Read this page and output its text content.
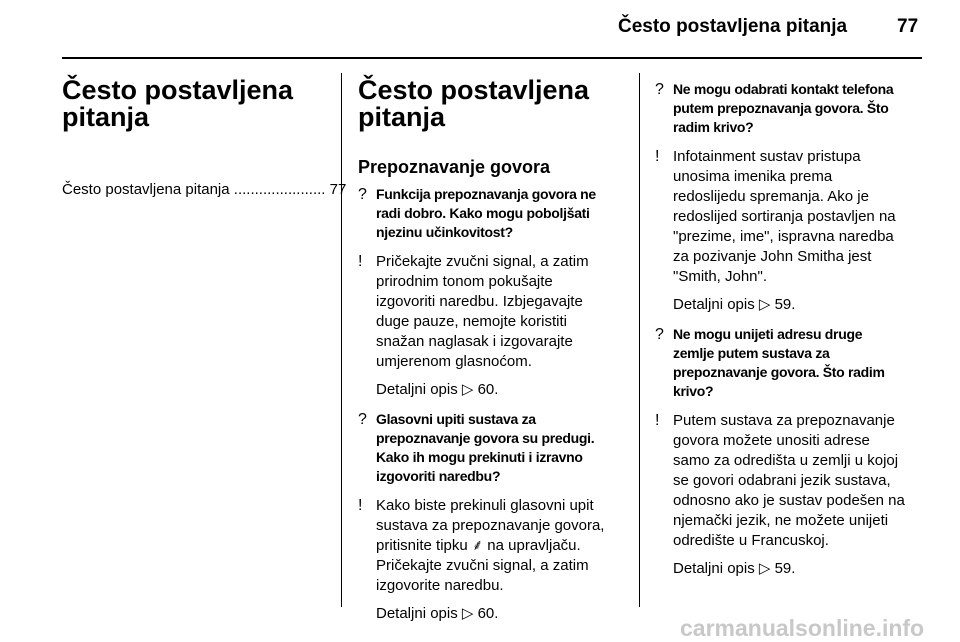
Često postavljena pitanja	77
Često postavljena
pitanja
Često postavljena pitanja
......................
77
Često postavljena
pitanja
Prepoznavanje govora
? Funkcija prepoznavanja govora ne
radi dobro. Kako mogu poboljšati
njezinu učinkovitost?
! Pričekajte zvučni signal, a zatim
prirodnim tonom pokušajte
izgovoriti naredbu. Izbjegavajte
duge pauze, nemojte koristiti
snažan naglasak i izgovarajte
umjerenom glasnoćom.
Detaljni opis ▷ 60.
? Glasovni upiti sustava za
prepoznavanje govora su predugi.
Kako ih mogu prekinuti i izravno
izgovoriti naredbu?
! Kako biste prekinuli glasovni upit
sustava za prepoznavanje govora,
pritisnite tipku ⸙ na upravljaču.
Pričekajte zvučni signal, a zatim
izgovorite naredbu.
Detaljni opis ▷ 60.
? Ne mogu odabrati kontakt telefona
putem prepoznavanja govora. Što
radim krivo?
! Infotainment sustav pristupa
unosima imenika prema
redoslijedu spremanja. Ako je
redoslijed sortiranja postavljen na
"prezime, ime", ispravna naredba
za pozivanje John Smitha jest
"Smith, John".
Detaljni opis ▷ 59.
? Ne mogu unijeti adresu druge
zemlje putem sustava za
prepoznavanje govora. Što radim
krivo?
! Putem sustava za prepoznavanje
govora možete unositi adrese
samo za odredišta u zemlji u kojoj
se govori odabrani jezik sustava,
odnosno ako je sustav podešen na
njemački jezik, ne možete unijeti
odredište u Francuskoj.
Detaljni opis ▷ 59.
carmanualsonline.info
